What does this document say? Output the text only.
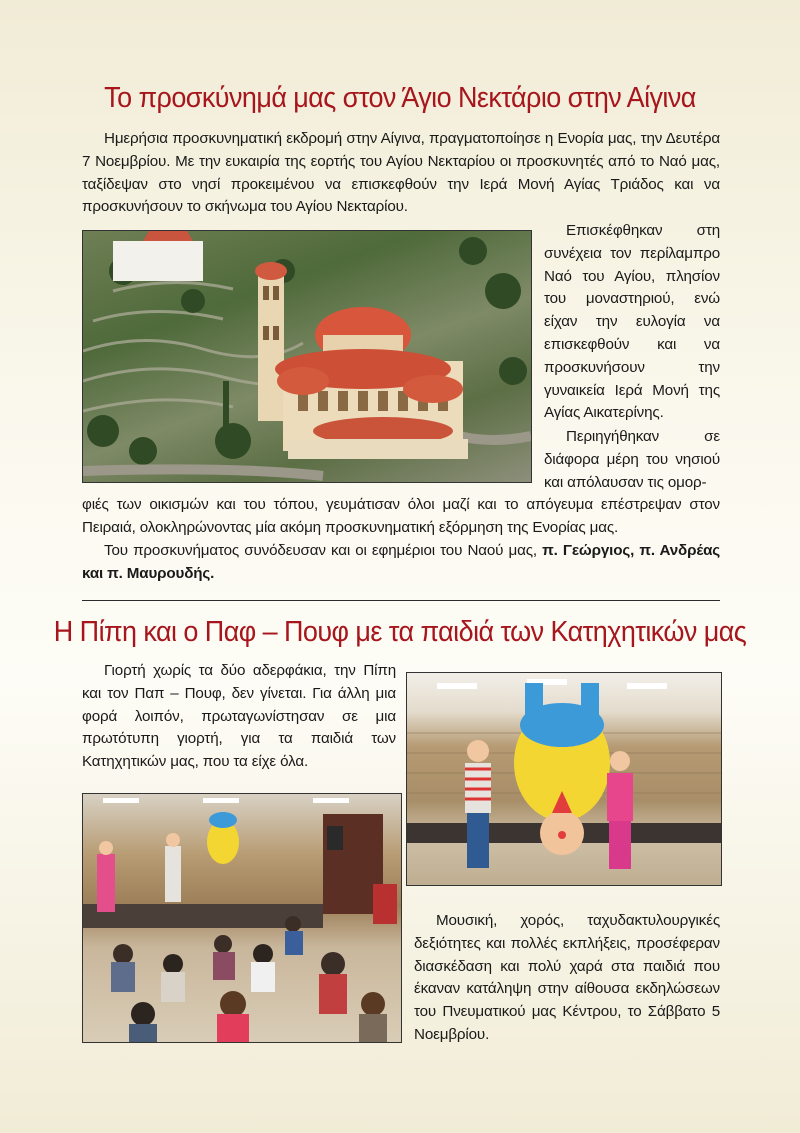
Το προσκύνημά μας στον Άγιο Νεκτάριο στην Αίγινα

Ημερήσια προσκυνηματική εκδρομή στην Αίγινα, πραγματοποίησε η Ενορία μας, την Δευτέρα 7 Νοεμβρίου. Με την ευκαιρία της εορτής του Αγίου Νεκταρίου οι προσκυνητές από το Ναό μας, ταξίδεψαν στο νησί προκειμένου να επισκεφθούν την Ιερά Μονή Αγίας Τριάδος και να προσκυνήσουν το σκήνωμα του Αγίου Νεκταρίου.

Επισκέφθηκαν στη συνέχεια τον περίλαμπρο Ναό του Αγίου, πλησίον του μοναστηριού, ενώ είχαν την ευλογία να επισκεφθούν και να προσκυνήσουν την γυναικεία Ιερά Μονή της Αγίας Αικατερίνης.

Περιηγήθηκαν σε διάφορα μέρη του νησιού και απόλαυσαν τις ομορ-

φιές των οικισμών και του τόπου, γευμάτισαν όλοι μαζί και το απόγευμα επέστρεψαν στον Πειραιά, ολοκληρώνοντας μία ακόμη προσκυνηματική εξόρμηση της Ενορίας μας.

Του προσκυνήματος συνόδευσαν και οι εφημέριοι του Ναού μας, π. Γεώργιος, π. Ανδρέας και π. Μαυρουδής.

Η Πίπη και ο Παφ – Πουφ με τα παιδιά των Κατηχητικών μας

Γιορτή χωρίς τα δύο αδερφάκια, την Πίπη και τον Παπ – Πουφ, δεν γίνεται. Για άλλη μια φορά λοιπόν, πρωταγωνίστησαν σε μια πρωτότυπη γιορτή, για τα παιδιά των Κατηχητικών μας, που τα είχε όλα.

Μουσική, χορός, ταχυδακτυλουργικές δεξιότητες και πολλές εκπλήξεις, προσέφεραν διασκέδαση και πολύ χαρά στα παιδιά που έκαναν κατάληψη στην αίθουσα εκδηλώσεων του Πνευματικού μας Κέντρου, το Σάββατο 5 Νοεμβρίου.
